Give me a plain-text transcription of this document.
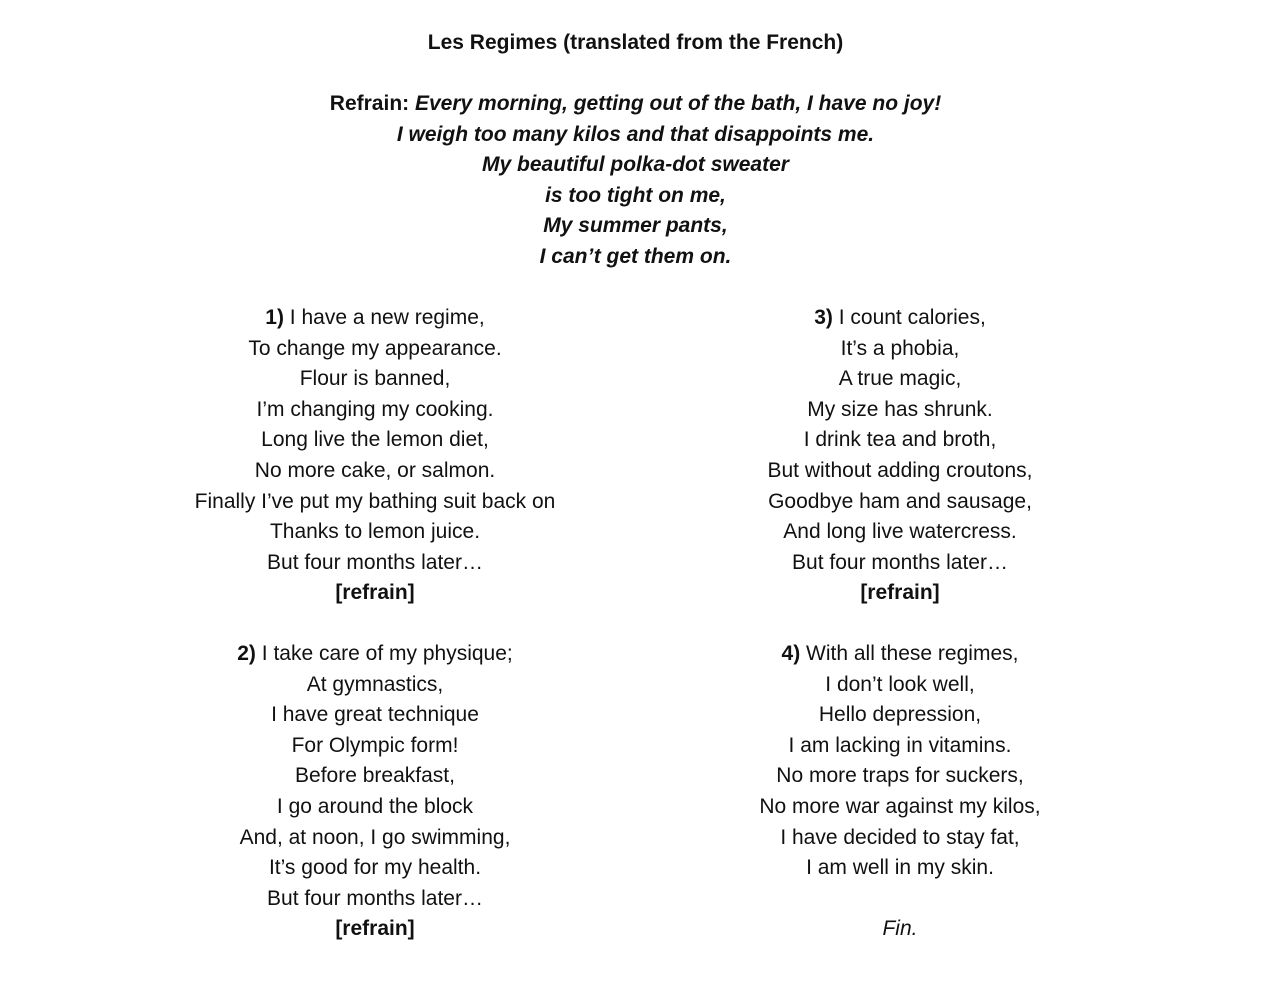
Les Regimes (translated from the French)
Refrain: Every morning, getting out of the bath, I have no joy!
I weigh too many kilos and that disappoints me.
My beautiful polka-dot sweater
is too tight on me,
My summer pants,
I can’t get them on.
1) I have a new regime,
To change my appearance.
Flour is banned,
I’m changing my cooking.
Long live the lemon diet,
No more cake, or salmon.
Finally I’ve put my bathing suit back on
Thanks to lemon juice.
But four months later…
[refrain]
2) I take care of my physique;
At gymnastics,
I have great technique
For Olympic form!
Before breakfast,
I go around the block
And, at noon, I go swimming,
It’s good for my health.
But four months later…
[refrain]
3) I count calories,
It’s a phobia,
A true magic,
My size has shrunk.
I drink tea and broth,
But without adding croutons,
Goodbye ham and sausage,
And long live watercress.
But four months later…
[refrain]
4) With all these regimes,
I don’t look well,
Hello depression,
I am lacking in vitamins.
No more traps for suckers,
No more war against my kilos,
I have decided to stay fat,
I am well in my skin.
Fin.
